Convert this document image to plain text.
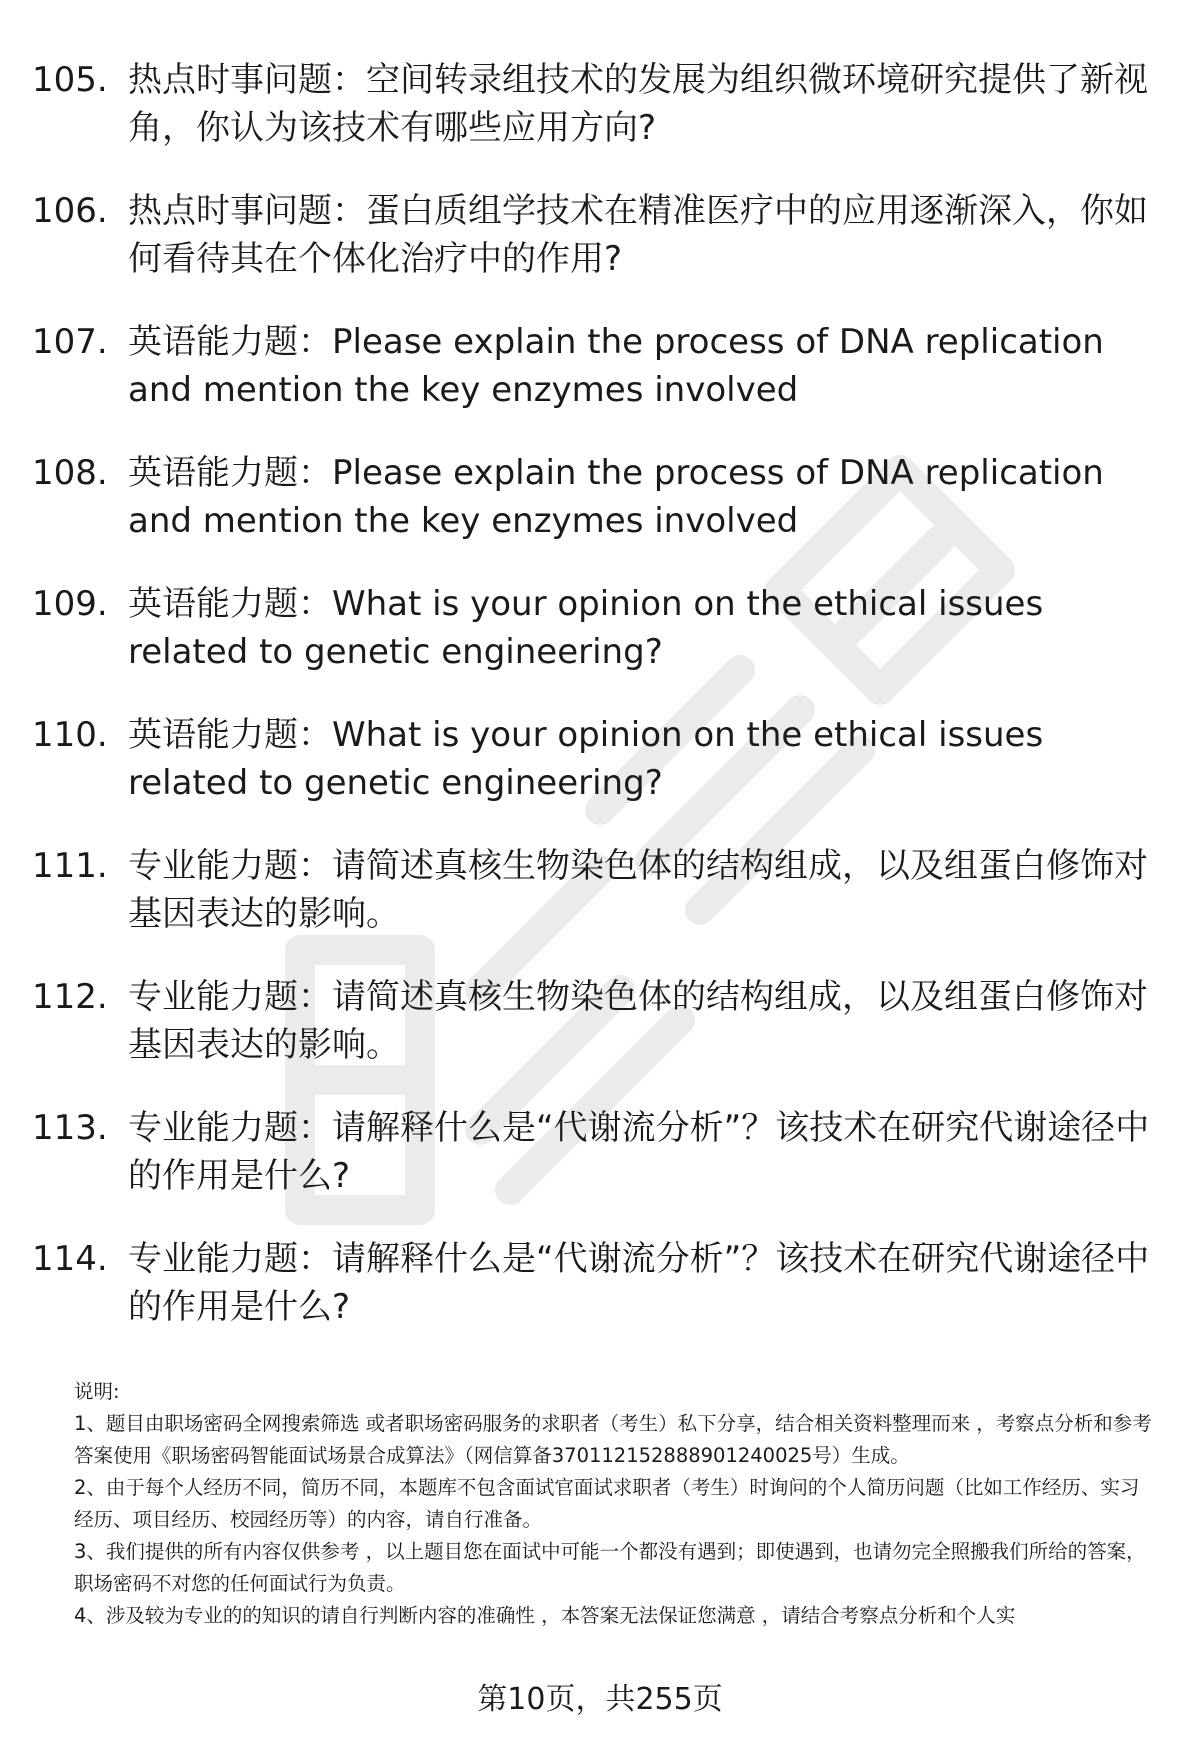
105. 热点时事问题：空间转录组技术的发展为组织微环境研究提供了新视角，你认为该技术有哪些应用方向?
106. 热点时事问题：蛋白质组学技术在精准医疗中的应用逐渐深入，你如何看待其在个体化治疗中的作用?
107. 英语能力题：Please explain the process of DNA replication and mention the key enzymes involved
108. 英语能力题：Please explain the process of DNA replication and mention the key enzymes involved
109. 英语能力题：What is your opinion on the ethical issues related to genetic engineering?
110. 英语能力题：What is your opinion on the ethical issues related to genetic engineering?
111. 专业能力题：请简述真核生物染色体的结构组成，以及组蛋白修饰对基因表达的影响。
112. 专业能力题：请简述真核生物染色体的结构组成，以及组蛋白修饰对基因表达的影响。
113. 专业能力题：请解释什么是“代谢流分析”？该技术在研究代谢途径中的作用是什么?
114. 专业能力题：请解释什么是“代谢流分析”？该技术在研究代谢途径中的作用是什么?

说明:

1、题目由职场密码全网搜索筛选 或者职场密码服务的求职者（考生）私下分享，结合相关资料整理而来 ，考察点分析和参考答案使用《职场密码智能面试场景合成算法》（网信算备370112152888901240025号）生成。

2、由于每个人经历不同，简历不同，本题库不包含面试官面试求职者（考生）时询问的个人简历问题（比如工作经历、实习经历、项目经历、校园经历等）的内容，请自行准备。

3、我们提供的所有内容仅供参考 ，以上题目您在面试中可能一个都没有遇到；即使遇到，也请勿完全照搬我们所给的答案，职场密码不对您的任何面试行为负责。

4、涉及较为专业的的知识的请自行判断内容的准确性 ，本答案无法保证您满意 ，请结合考察点分析和个人实

第10页，共255页
